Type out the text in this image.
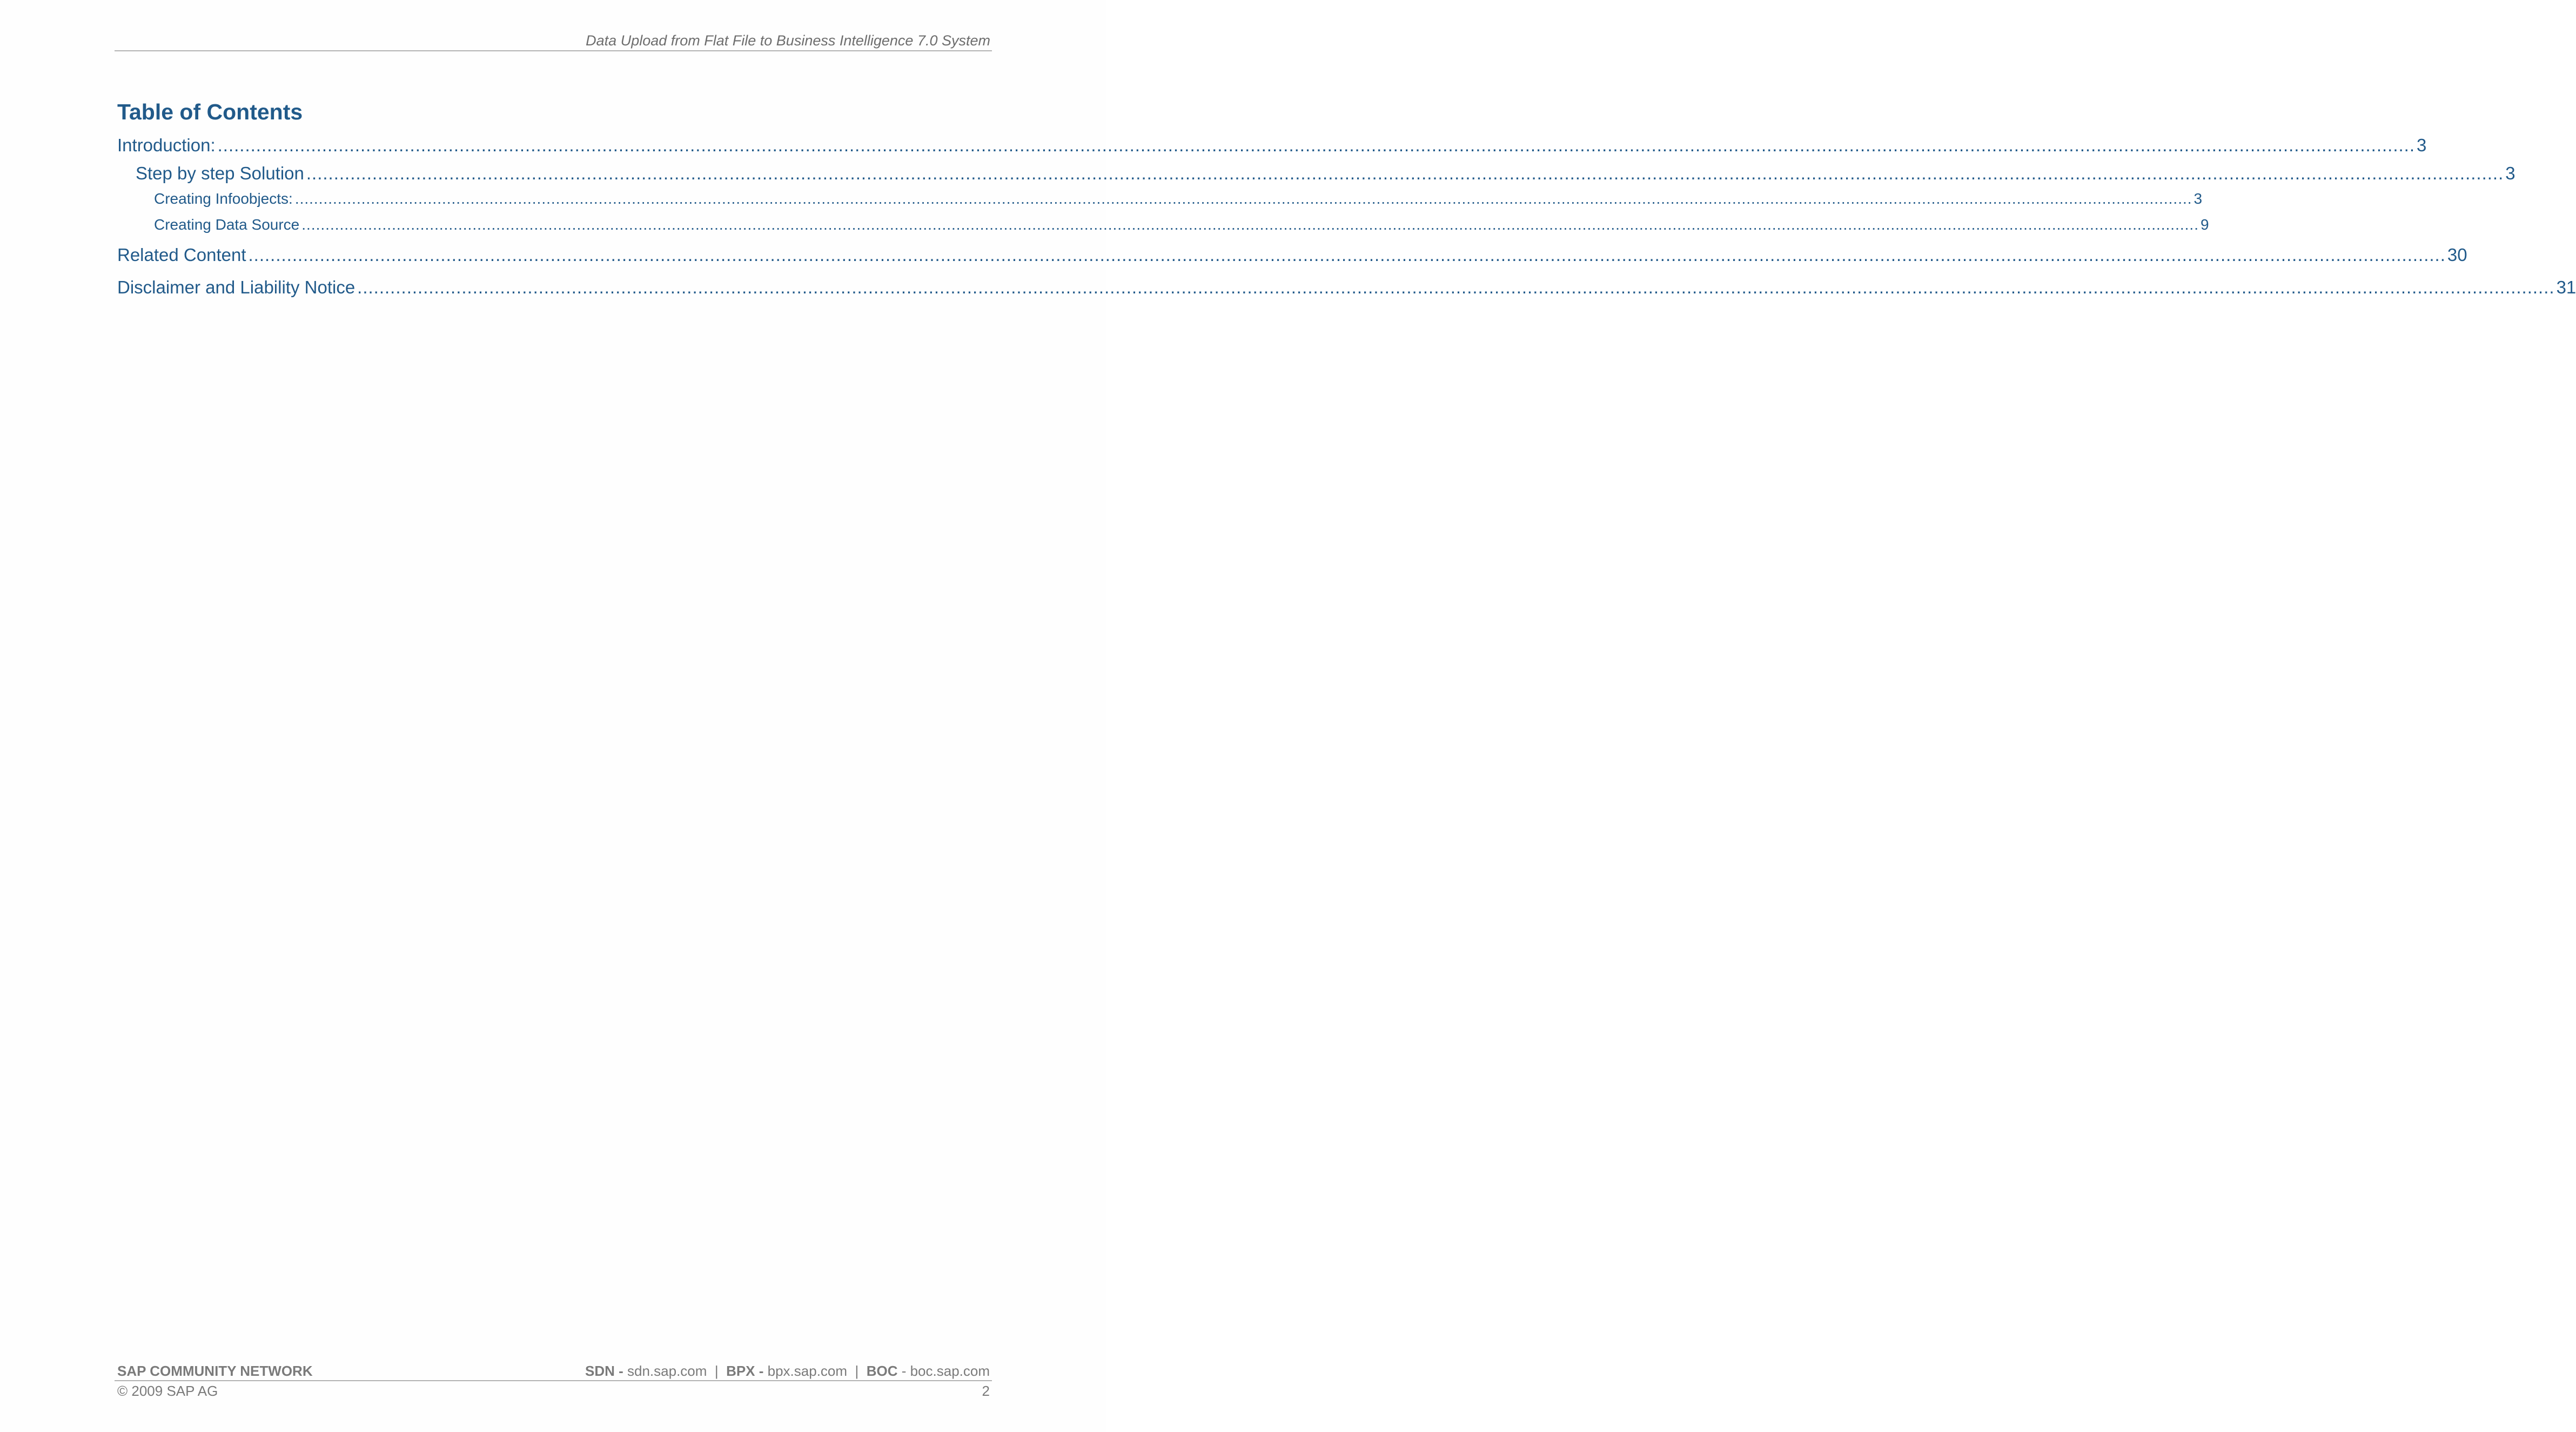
Data Upload from Flat File to Business Intelligence 7.0 System
Table of Contents
Introduction: ................................................................................................................................................................................................................................................................................................................................................................................................................ 3
Step by step Solution ................................................................................................................................................................................................................................................................................................................................................................................................................ 3
Creating Infoobjects: ................................................................................................................................................................................................................................................................................................................................................................................................................ 3
Creating Data Source ................................................................................................................................................................................................................................................................................................................................................................................................................ 9
Related Content ................................................................................................................................................................................................................................................................................................................................................................................................................ 30
Disclaimer and Liability Notice ................................................................................................................................................................................................................................................................................................................................................................................................................ 31
SAP COMMUNITY NETWORK	SDN - sdn.sap.com  |  BPX - bpx.sap.com  |  BOC - boc.sap.com
© 2009 SAP AG	2
